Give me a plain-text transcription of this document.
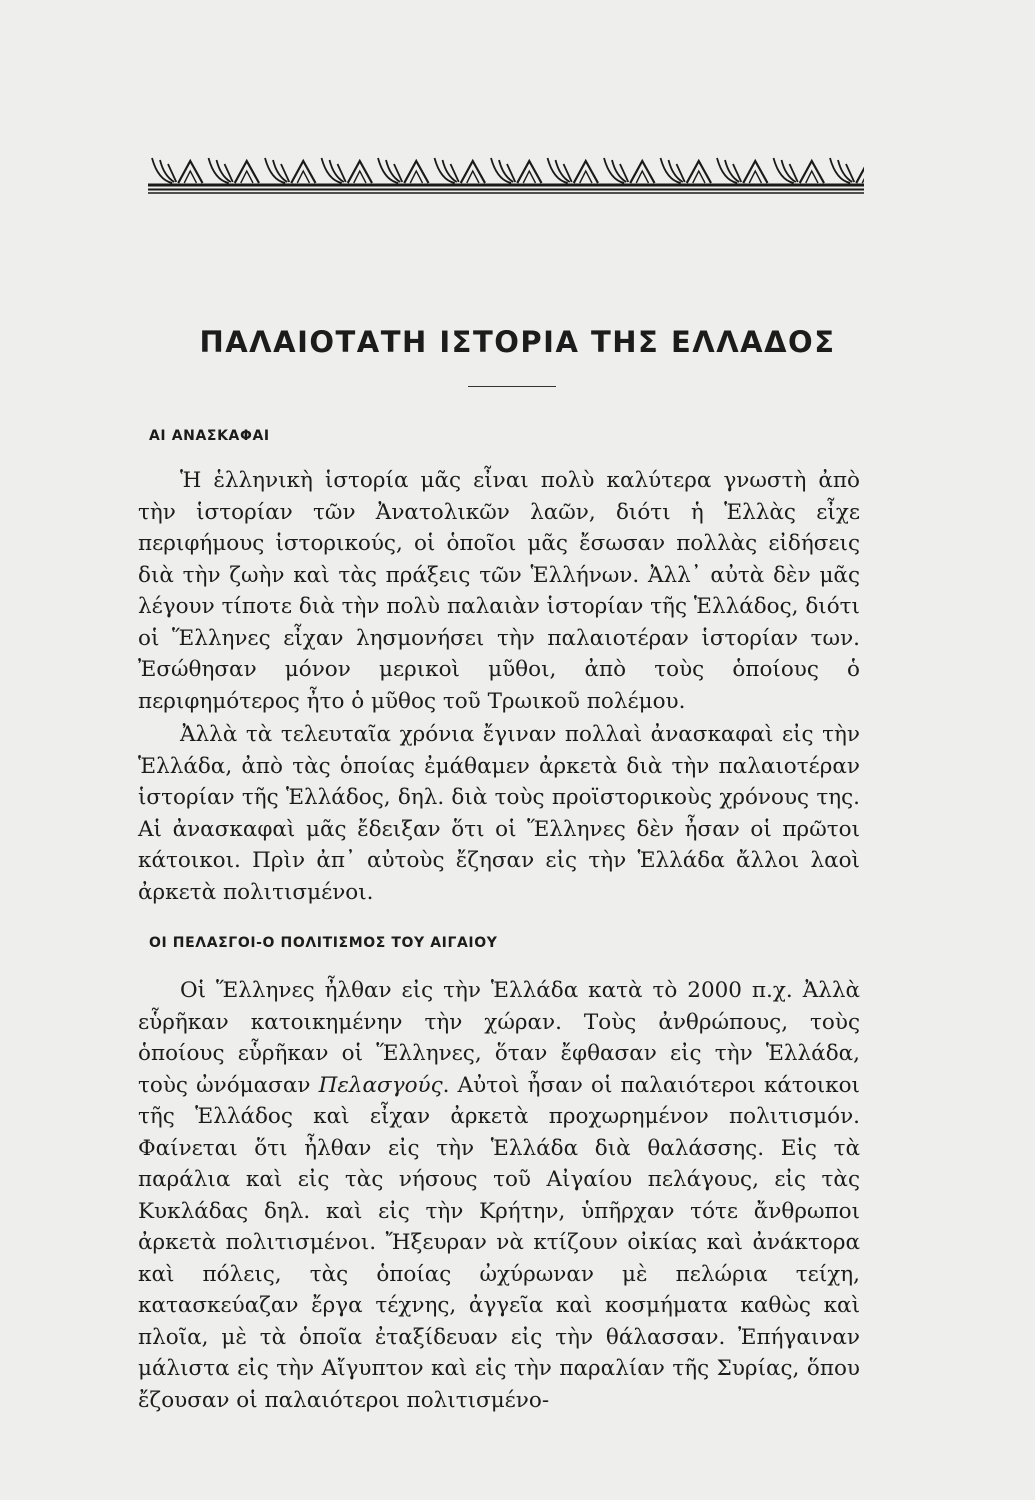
ΠΑΛΑΙΟΤΑΤΗ ΙΣΤΟΡΙΑ ΤΗΣ ΕΛΛΑΔΟΣ
ΑΙ ΑΝΑΣΚΑΦΑΙ

Ἡ ἑλληνικὴ ἱστορία μᾶς εἶναι πολὺ καλύτερα γνωστὴ ἀπὸ τὴν ἱστορίαν τῶν Ἀνατολικῶν λαῶν, διότι ἡ Ἑλλὰς εἶχε περιφήμους ἱστορικούς, οἱ ὁποῖοι μᾶς ἔσωσαν πολλὰς εἰδήσεις διὰ τὴν ζωὴν καὶ τὰς πράξεις τῶν Ἑλλήνων. Ἀλλ᾽ αὐτὰ δὲν μᾶς λέγουν τίποτε διὰ τὴν πολὺ παλαιὰν ἱστορίαν τῆς Ἑλλάδος, διότι οἱ Ἕλληνες εἶχαν λησμονήσει τὴν παλαιοτέραν ἱστορίαν των. Ἐσώθησαν μόνον μερικοὶ μῦθοι, ἀπὸ τοὺς ὁποίους ὁ περιφημότερος ἦτο ὁ μῦθος τοῦ Τρωικοῦ πολέμου.

Ἀλλὰ τὰ τελευταῖα χρόνια ἔγιναν πολλαὶ ἀνασκαφαὶ εἰς τὴν Ἑλλάδα, ἀπὸ τὰς ὁποίας ἐμάθαμεν ἀρκετὰ διὰ τὴν παλαιοτέραν ἱστορίαν τῆς Ἑλλάδος, δηλ. διὰ τοὺς προϊστορικοὺς χρόνους της. Αἱ ἀνασκαφαὶ μᾶς ἔδειξαν ὅτι οἱ Ἕλληνες δὲν ἦσαν οἱ πρῶτοι κάτοικοι. Πρὶν ἀπ᾽ αὐτοὺς ἔζησαν εἰς τὴν Ἑλλάδα ἄλλοι λαοὶ ἀρκετὰ πολιτισμένοι.

ΟΙ ΠΕΛΑΣΓΟΙ-Ο ΠΟΛΙΤΙΣΜΟΣ ΤΟΥ ΑΙΓΑΙΟΥ

Οἱ Ἕλληνες ἦλθαν εἰς τὴν Ἑλλάδα κατὰ τὸ 2000 π.χ. Ἀλλὰ εὗρῆκαν κατοικημένην τὴν χώραν. Τοὺς ἀνθρώπους, τοὺς ὁποίους εὗρῆκαν οἱ Ἕλληνες, ὅταν ἔφθασαν εἰς τὴν Ἑλλάδα, τοὺς ὠνόμασαν Πελασγούς. Αὐτοὶ ἦσαν οἱ παλαιότεροι κάτοικοι τῆς Ἑλλάδος καὶ εἶχαν ἀρκετὰ προχωρημένον πολιτισμόν. Φαίνεται ὅτι ἦλθαν εἰς τὴν Ἑλλάδα διὰ θαλάσσης. Εἰς τὰ παράλια καὶ εἰς τὰς νήσους τοῦ Αἰγαίου πελάγους, εἰς τὰς Κυκλάδας δηλ. καὶ εἰς τὴν Κρήτην, ὑπῆρχαν τότε ἄνθρωποι ἀρκετὰ πολιτισμένοι. Ἤξευραν νὰ κτίζουν οἰκίας καὶ ἀνάκτορα καὶ πόλεις, τὰς ὁποίας ὠχύρωναν μὲ πελώρια τείχη, κατασκεύαζαν ἔργα τέχνης, ἀγγεῖα καὶ κοσμήματα καθὼς καὶ πλοῖα, μὲ τὰ ὁποῖα ἐταξίδευαν εἰς τὴν θάλασσαν. Ἐπήγαιναν μάλιστα εἰς τὴν Αἴγυπτον καὶ εἰς τὴν παραλίαν τῆς Συρίας, ὅπου ἔζουσαν οἱ παλαιότεροι πολιτισμένο-
